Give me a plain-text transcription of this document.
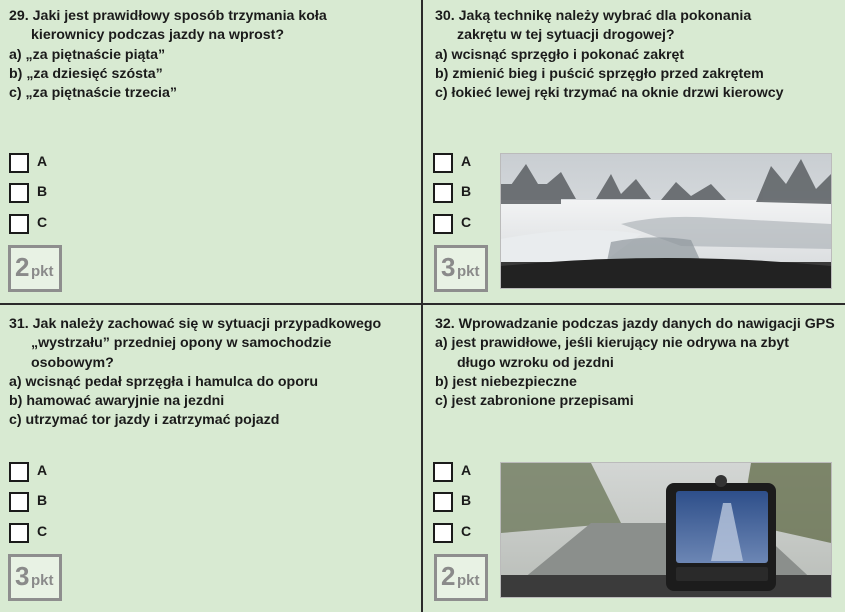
29. Jaki jest prawidłowy sposób trzymania koła
kierownicy podczas jazdy na wprost?
a) „za piętnaście piąta”
b) „za dziesięć szósta”
c) „za piętnaście trzecia”
A
B
C
2 pkt
30. Jaką technikę należy wybrać dla pokonania
zakrętu w tej sytuacji drogowej?
a) wcisnąć sprzęgło i pokonać zakręt
b) zmienić bieg i puścić sprzęgło przed zakrętem
c) łokieć lewej ręki trzymać na oknie drzwi kierowcy
A
B
C
3 pkt
31. Jak należy zachować się w sytuacji przypadkowego
„wystrzału” przedniej opony w samochodzie
osobowym?
a) wcisnąć pedał sprzęgła i hamulca do oporu
b) hamować awaryjnie na jezdni
c) utrzymać tor jazdy i zatrzymać pojazd
A
B
C
3 pkt
32. Wprowadzanie podczas jazdy danych do nawigacji GPS
a) jest prawidłowe, jeśli kierujący nie odrywa na zbyt
długo wzroku od jezdni
b) jest niebezpieczne
c) jest zabronione przepisami
A
B
C
2 pkt
